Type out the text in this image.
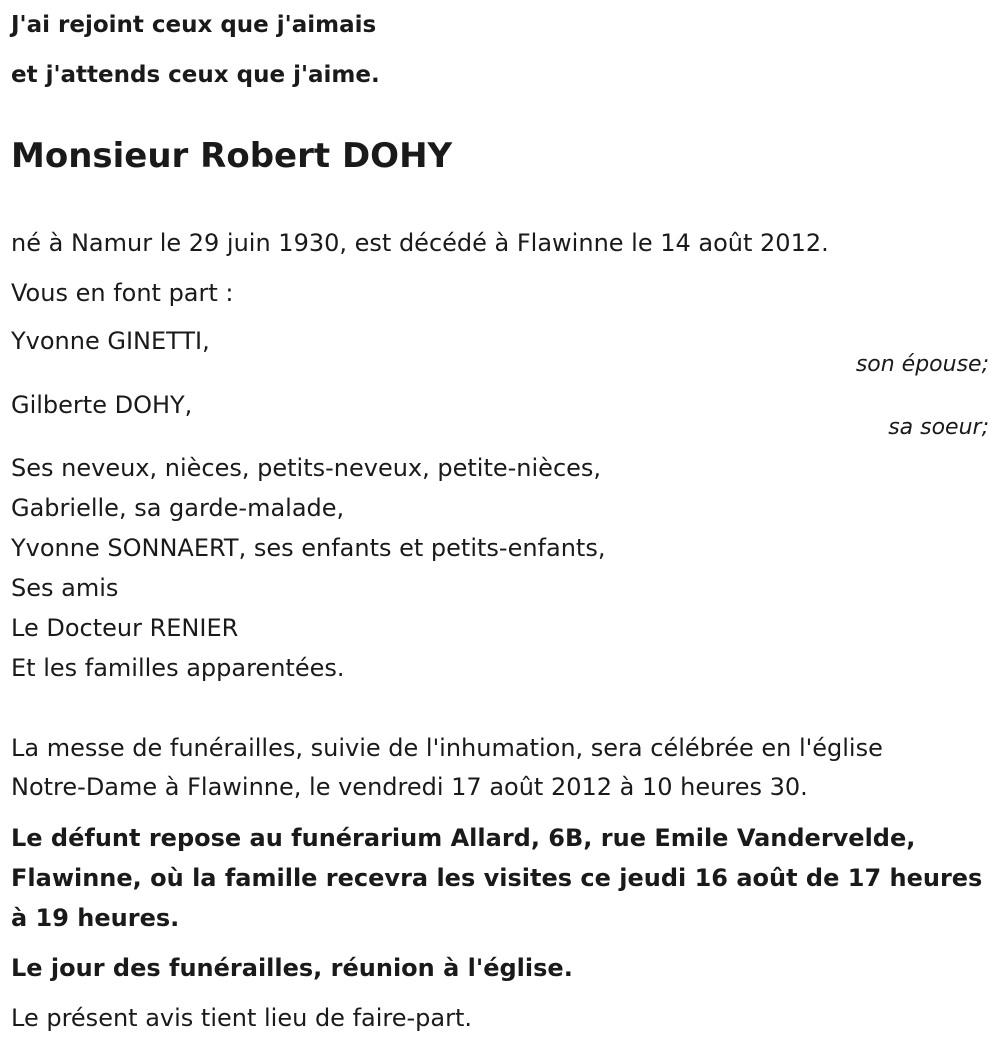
J'ai rejoint ceux que j'aimais
et j'attends ceux que j'aime.
Monsieur Robert DOHY
né à Namur le 29 juin 1930, est décédé à Flawinne le 14 août 2012.
Vous en font part :
Yvonne GINETTI,
son épouse;
Gilberte DOHY,
sa soeur;
Ses neveux, nièces, petits-neveux, petite-nièces,
Gabrielle, sa garde-malade,
Yvonne SONNAERT, ses enfants et petits-enfants,
Ses amis
Le Docteur RENIER
Et les familles apparentées.
La messe de funérailles, suivie de l'inhumation, sera célébrée en l'église
Notre-Dame à Flawinne, le vendredi 17 août 2012 à 10 heures 30.
Le défunt repose au funérarium Allard, 6B, rue Emile Vandervelde,
Flawinne, où la famille recevra les visites ce jeudi 16 août de 17 heures
à 19 heures.
Le jour des funérailles, réunion à l'église.
Le présent avis tient lieu de faire-part.
